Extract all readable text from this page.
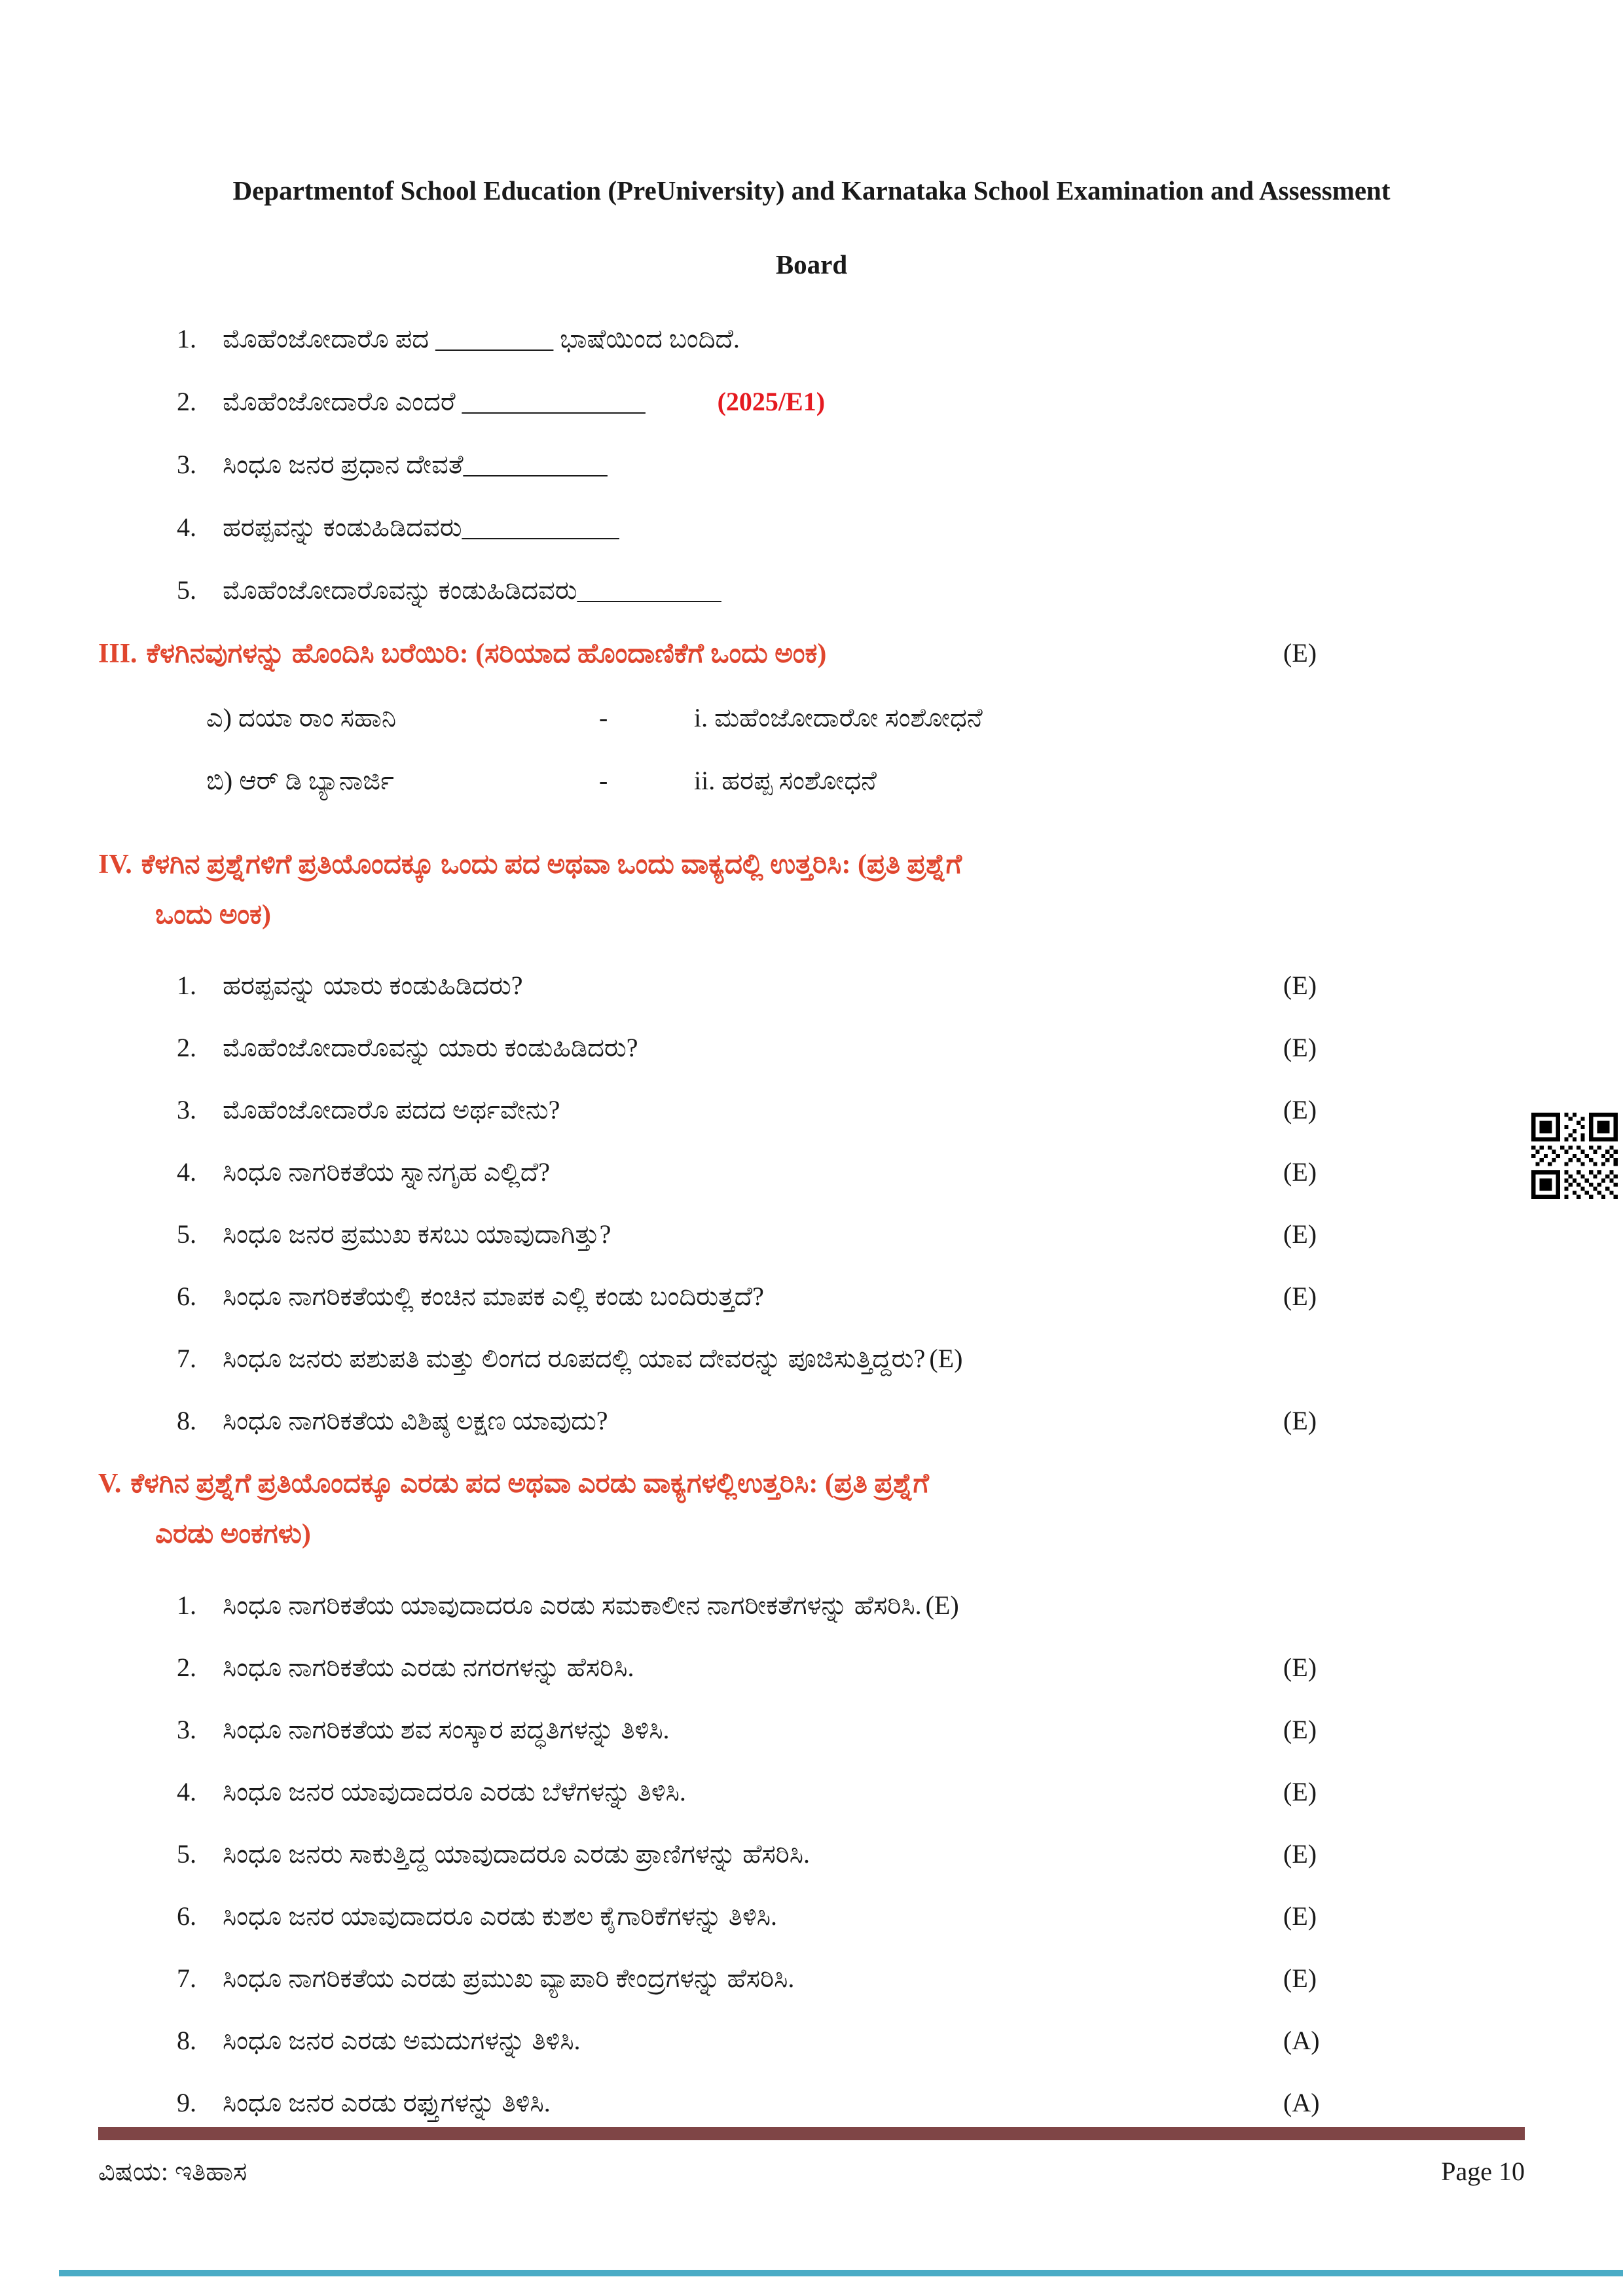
Departmentof School Education (PreUniversity) and Karnataka School Examination and Assessment
Board
1.	ಮೊಹೆಂಜೋದಾರೊ ಪದ _________ ಭಾಷೆಯಿಂದ ಬಂದಿದೆ.
2.	ಮೊಹೆಂಜೋದಾರೊ ಎಂದರೆ ______________	(2025/E1)
3.	ಸಿಂಧೂ ಜನರ ಪ್ರಧಾನ ದೇವತೆ___________
4.	ಹರಪ್ಪವನ್ನು ಕಂಡುಹಿಡಿದವರು____________
5.	ಮೊಹೆಂಜೋದಾರೊವನ್ನು ಕಂಡುಹಿಡಿದವರು___________
III. ಕೆಳಗಿನವುಗಳನ್ನು ಹೊಂದಿಸಿ ಬರೆಯಿರಿ: (ಸರಿಯಾದ ಹೊಂದಾಣಿಕೆಗೆ ಒಂದು ಅಂಕ)	(E)
ಎ) ದಯಾ ರಾಂ ಸಹಾನಿ	-	i. ಮಹೆಂಜೋದಾರೋ ಸಂಶೋಧನೆ
ಬಿ) ಆರ್ ಡಿ ಬ್ಯಾನಾರ್ಜಿ	-	ii. ಹರಪ್ಪ ಸಂಶೋಧನೆ
IV. ಕೆಳಗಿನ ಪ್ರಶ್ನೆಗಳಿಗೆ ಪ್ರತಿಯೊಂದಕ್ಕೂ ಒಂದು ಪದ ಅಥವಾ ಒಂದು ವಾಕ್ಯದಲ್ಲಿ ಉತ್ತರಿಸಿ: (ಪ್ರತಿ ಪ್ರಶ್ನೆಗೆ
ಒಂದು ಅಂಕ)
1.	ಹರಪ್ಪವನ್ನು ಯಾರು ಕಂಡುಹಿಡಿದರು?	(E)
2.	ಮೊಹೆಂಜೋದಾರೊವನ್ನು ಯಾರು ಕಂಡುಹಿಡಿದರು?	(E)
3.	ಮೊಹೆಂಜೋದಾರೊ ಪದದ ಅರ್ಥವೇನು?	(E)
4.	ಸಿಂಧೂ ನಾಗರಿಕತೆಯ ಸ್ನಾನಗೃಹ ಎಲ್ಲಿದೆ?	(E)
5.	ಸಿಂಧೂ ಜನರ ಪ್ರಮುಖ ಕಸಬು ಯಾವುದಾಗಿತ್ತು?	(E)
6.	ಸಿಂಧೂ ನಾಗರಿಕತೆಯಲ್ಲಿ ಕಂಚಿನ ಮಾಪಕ ಎಲ್ಲಿ ಕಂಡು ಬಂದಿರುತ್ತದೆ?	(E)
7.	ಸಿಂಧೂ ಜನರು ಪಶುಪತಿ ಮತ್ತು ಲಿಂಗದ ರೂಪದಲ್ಲಿ ಯಾವ ದೇವರನ್ನು ಪೂಜಿಸುತ್ತಿದ್ದರು? (E)
8.	ಸಿಂಧೂ ನಾಗರಿಕತೆಯ ವಿಶಿಷ್ಠ ಲಕ್ಷಣ ಯಾವುದು?	(E)
V. ಕೆಳಗಿನ ಪ್ರಶ್ನೆಗೆ ಪ್ರತಿಯೊಂದಕ್ಕೂ ಎರಡು ಪದ ಅಥವಾ ಎರಡು ವಾಕ್ಯಗಳಲ್ಲಿಉತ್ತರಿಸಿ: (ಪ್ರತಿ ಪ್ರಶ್ನೆಗೆ
ಎರಡು ಅಂಕಗಳು)
1.	ಸಿಂಧೂ ನಾಗರಿಕತೆಯ ಯಾವುದಾದರೂ ಎರಡು ಸಮಕಾಲೀನ ನಾಗರೀಕತೆಗಳನ್ನು ಹೆಸರಿಸಿ. (E)
2.	ಸಿಂಧೂ ನಾಗರಿಕತೆಯ ಎರಡು ನಗರಗಳನ್ನು ಹೆಸರಿಸಿ.	(E)
3.	ಸಿಂಧೂ ನಾಗರಿಕತೆಯ ಶವ ಸಂಸ್ಕಾರ ಪದ್ಧತಿಗಳನ್ನು ತಿಳಿಸಿ.	(E)
4.	ಸಿಂಧೂ ಜನರ ಯಾವುದಾದರೂ ಎರಡು ಬೆಳೆಗಳನ್ನು ತಿಳಿಸಿ.	(E)
5.	ಸಿಂಧೂ ಜನರು ಸಾಕುತ್ತಿದ್ದ ಯಾವುದಾದರೂ ಎರಡು ಪ್ರಾಣಿಗಳನ್ನು ಹೆಸರಿಸಿ.	(E)
6.	ಸಿಂಧೂ ಜನರ ಯಾವುದಾದರೂ ಎರಡು ಕುಶಲ ಕೈಗಾರಿಕೆಗಳನ್ನು ತಿಳಿಸಿ.	(E)
7.	ಸಿಂಧೂ ನಾಗರಿಕತೆಯ ಎರಡು ಪ್ರಮುಖ ವ್ಯಾಪಾರಿ ಕೇಂದ್ರಗಳನ್ನು ಹೆಸರಿಸಿ.	(E)
8.	ಸಿಂಧೂ ಜನರ ಎರಡು ಅಮದುಗಳನ್ನು ತಿಳಿಸಿ.	(A)
9.	ಸಿಂಧೂ ಜನರ ಎರಡು ರಫ್ತುಗಳನ್ನು ತಿಳಿಸಿ.	(A)
ವಿಷಯ: ಇತಿಹಾಸ	Page 10
